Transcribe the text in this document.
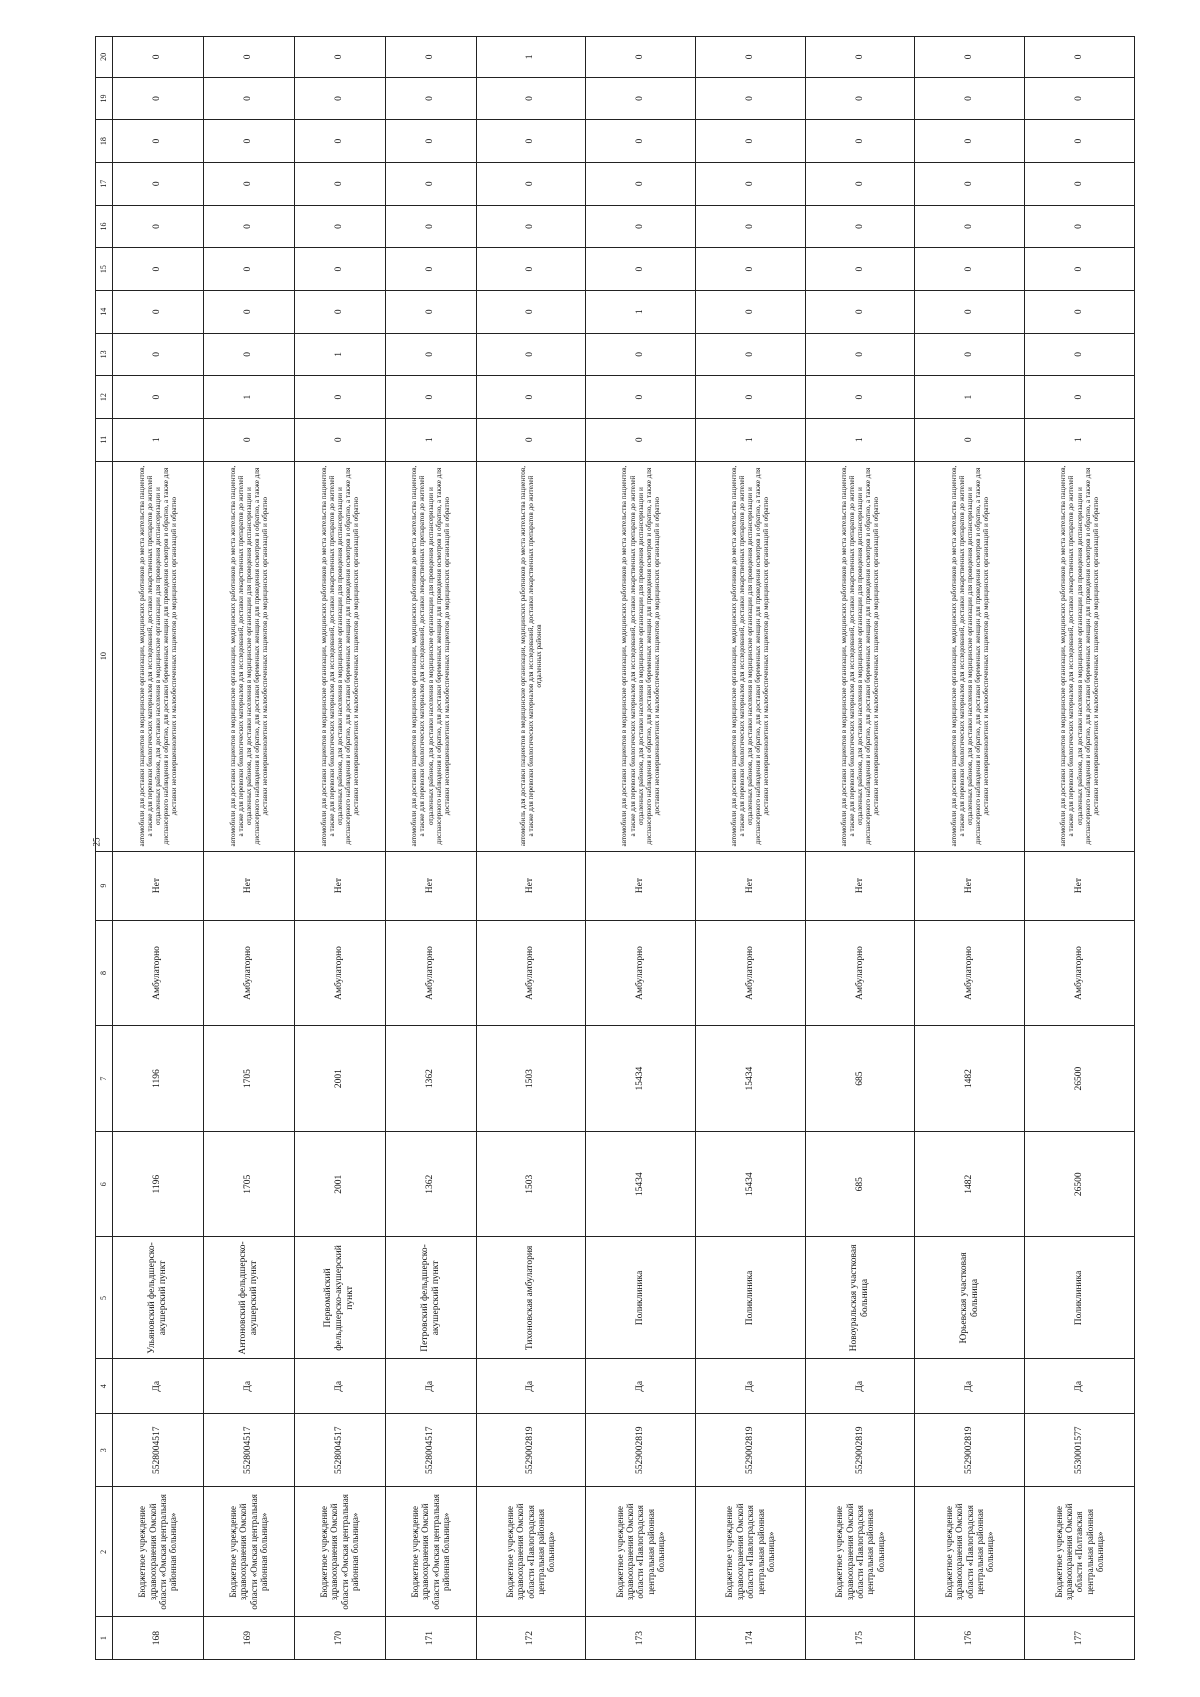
25
1	2	3	4	5	6	7	8	9	10	11	12	13	14	15	16	17	18	19	20
168	Бюджетное учреждение здравоохранения Омской области «Омская центральная районная больница»	5528004517	Да	Ульяновский фельдшерско-акушерский пункт	1196	1196	Амбулаторно	Нет	автомобили для доставки пациентов в медицинские организации, медицинских работников до места жительства пациентов, а также для перевозки биологических материалов для исследований, доставки лекарственных препаратов до жителей отдаленных районов, для доставки населения в медицинские организации для проведения диспансеризации и диспансерного наблюдения и обратно, для доставки беременных женщин для проведения осмотров и обратно, а также для доставки несовершеннолетних и малообеспеченных пациентов до медицинских организаций и обратно	1	0	0	0	0	0	0	0	0	0
169	Бюджетное учреждение здравоохранения Омской области «Омская центральная районная больница»	5528004517	Да	Антоновский фельдшерско-акушерский пункт	1705	1705	Амбулаторно	Нет	автомобили для доставки пациентов в медицинские организации, медицинских работников до места жительства пациентов, а также для перевозки биологических материалов для исследований, доставки лекарственных препаратов до жителей отдаленных районов, для доставки населения в медицинские организации для проведения диспансеризации и диспансерного наблюдения и обратно, для доставки беременных женщин для проведения осмотров и обратно, а также для доставки несовершеннолетних и малообеспеченных пациентов до медицинских организаций и обратно	0	1	0	0	0	0	0	0	0	0
170	Бюджетное учреждение здравоохранения Омской области «Омская центральная районная больница»	5528004517	Да	Первомайский фельдшерско-акушерский пункт	2001	2001	Амбулаторно	Нет	автомобили для доставки пациентов в медицинские организации, медицинских работников до места жительства пациентов, а также для перевозки биологических материалов для исследований, доставки лекарственных препаратов до жителей отдаленных районов, для доставки населения в медицинские организации для проведения диспансеризации и диспансерного наблюдения и обратно, для доставки беременных женщин для проведения осмотров и обратно, а также для доставки несовершеннолетних и малообеспеченных пациентов до медицинских организаций и обратно	0	0	1	0	0	0	0	0	0	0
171	Бюджетное учреждение здравоохранения Омской области «Омская центральная районная больница»	5528004517	Да	Петровский фельдшерско-акушерский пункт	1362	1362	Амбулаторно	Нет	автомобили для доставки пациентов в медицинские организации, медицинских работников до места жительства пациентов, а также для перевозки биологических материалов для исследований, доставки лекарственных препаратов до жителей отдаленных районов, для доставки населения в медицинские организации для проведения диспансеризации и диспансерного наблюдения и обратно, для доставки беременных женщин для проведения осмотров и обратно, а также для доставки несовершеннолетних и малообеспеченных пациентов до медицинских организаций и обратно	1	0	0	0	0	0	0	0	0	0
172	Бюджетное учреждение здравоохранения Омской области «Павлоградская центральная районная больница»	5529002819	Да	Тихоновская амбулатория	1503	1503	Амбулаторно	Нет	автомобиль для доставки пациентов в медицинские организации, медицинских работников до места жительства пациентов, а также для перевозки биологических материалов для исследований, доставки лекарственных препаратов до жителей отдаленных районов	0	0	0	0	0	0	0	0	0	1
173	Бюджетное учреждение здравоохранения Омской области «Павлоградская центральная районная больница»	5529002819	Да	Поликлиника	15434	15434	Амбулаторно	Нет	автомобили для доставки пациентов в медицинские организации, медицинских работников до места жительства пациентов, а также для перевозки биологических материалов для исследований, доставки лекарственных препаратов до жителей отдаленных районов, для доставки населения в медицинские организации для проведения диспансеризации и диспансерного наблюдения и обратно, для доставки беременных женщин для проведения осмотров и обратно, а также для доставки несовершеннолетних и малообеспеченных пациентов до медицинских организаций и обратно	0	0	0	1	0	0	0	0	0	0
174	Бюджетное учреждение здравоохранения Омской области «Павлоградская центральная районная больница»	5529002819	Да	Поликлиника	15434	15434	Амбулаторно	Нет	автомобили для доставки пациентов в медицинские организации, медицинских работников до места жительства пациентов, а также для перевозки биологических материалов для исследований, доставки лекарственных препаратов до жителей отдаленных районов, для доставки населения в медицинские организации для проведения диспансеризации и диспансерного наблюдения и обратно, для доставки беременных женщин для проведения осмотров и обратно, а также для доставки несовершеннолетних и малообеспеченных пациентов до медицинских организаций и обратно	1	0	0	0	0	0	0	0	0	0
175	Бюджетное учреждение здравоохранения Омской области «Павлоградская центральная районная больница»	5529002819	Да	Новоуральская участковая больница	685	685	Амбулаторно	Нет	автомобили для доставки пациентов в медицинские организации, медицинских работников до места жительства пациентов, а также для перевозки биологических материалов для исследований, доставки лекарственных препаратов до жителей отдаленных районов, для доставки населения в медицинские организации для проведения диспансеризации и диспансерного наблюдения и обратно, для доставки беременных женщин для проведения осмотров и обратно, а также для доставки несовершеннолетних и малообеспеченных пациентов до медицинских организаций и обратно	1	0	0	0	0	0	0	0	0	0
176	Бюджетное учреждение здравоохранения Омской области «Павлоградская центральная районная больница»	5529002819	Да	Юрьевская участковая больница	1482	1482	Амбулаторно	Нет	автомобили для доставки пациентов в медицинские организации, медицинских работников до места жительства пациентов, а также для перевозки биологических материалов для исследований, доставки лекарственных препаратов до жителей отдаленных районов, для доставки населения в медицинские организации для проведения диспансеризации и диспансерного наблюдения и обратно, для доставки беременных женщин для проведения осмотров и обратно, а также для доставки несовершеннолетних и малообеспеченных пациентов до медицинских организаций и обратно	0	1	0	0	0	0	0	0	0	0
177	Бюджетное учреждение здравоохранения Омской области «Полтавская центральная районная больница»	5530001577	Да	Поликлиника	26500	26500	Амбулаторно	Нет	автомобили для доставки пациентов в медицинские организации, медицинских работников до места жительства пациентов, а также для перевозки биологических материалов для исследований, доставки лекарственных препаратов до жителей отдаленных районов, для доставки населения в медицинские организации для проведения диспансеризации и диспансерного наблюдения и обратно, для доставки беременных женщин для проведения осмотров и обратно, а также для доставки несовершеннолетних и малообеспеченных пациентов до медицинских организаций и обратно	1	0	0	0	0	0	0	0	0	0
